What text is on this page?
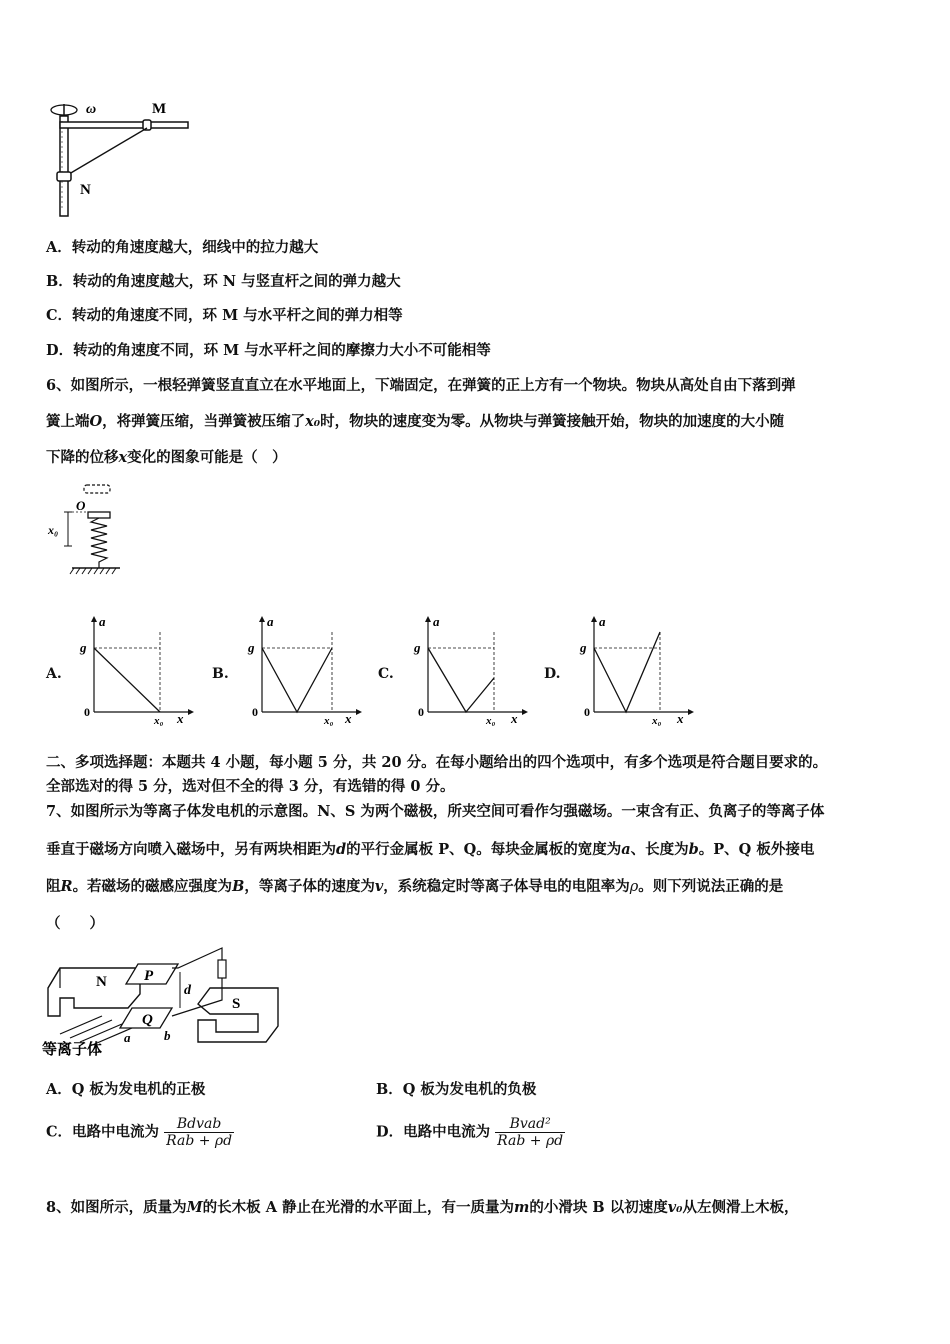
ω	M
N
A．转动的角速度越大，细线中的拉力越大
B．转动的角速度越大，环 N 与竖直杆之间的弹力越大
C．转动的角速度不同，环 M 与水平杆之间的弹力相等
D．转动的角速度不同，环 M 与水平杆之间的摩擦力大小不可能相等
6、如图所示，一根轻弹簧竖直直立在水平地面上，下端固定，在弹簧的正上方有一个物块。物块从高处自由下落到弹
簧上端O，将弹簧压缩，当弹簧被压缩了x₀时，物块的速度变为零。从物块与弹簧接触开始，物块的加速度的大小随
下降的位移x变化的图象可能是（　）
O
x₀
A.
a
g
0
x₀ x
B.
a
g
0
x₀ x
C.
a
g
0
x₀ x
D.
a
g
0
x₀ x
二、多项选择题：本题共 4 小题，每小题 5 分，共 20 分。在每小题给出的四个选项中，有多个选项是符合题目要求的。
全部选对的得 5 分，选对但不全的得 3 分，有选错的得 0 分。
7、如图所示为等离子体发电机的示意图。N、S 为两个磁极，所夹空间可看作匀强磁场。一束含有正、负离子的等离子体
垂直于磁场方向喷入磁场中，另有两块相距为d的平行金属板 P、Q。每块金属板的宽度为a、长度为b。P、Q 板外接电
阻R。若磁场的磁感应强度为B，等离子体的速度为v，系统稳定时等离子体导电的电阻率为ρ。则下列说法正确的是
（　　）
N P
d
S
Q
a	b
等离子体
A．Q 板为发电机的正极	B．Q 板为发电机的负极
C．电路中电流为 $\frac{\text{Bdvab}}{\text{Rab + ρd}}$	D．电路中电流为 $\frac{\text{Bvad²}}{\text{Rab + ρd}}$
8、如图所示，质量为M的长木板 A 静止在光滑的水平面上，有一质量为m的小滑块 B 以初速度v₀从左侧滑上木板，
